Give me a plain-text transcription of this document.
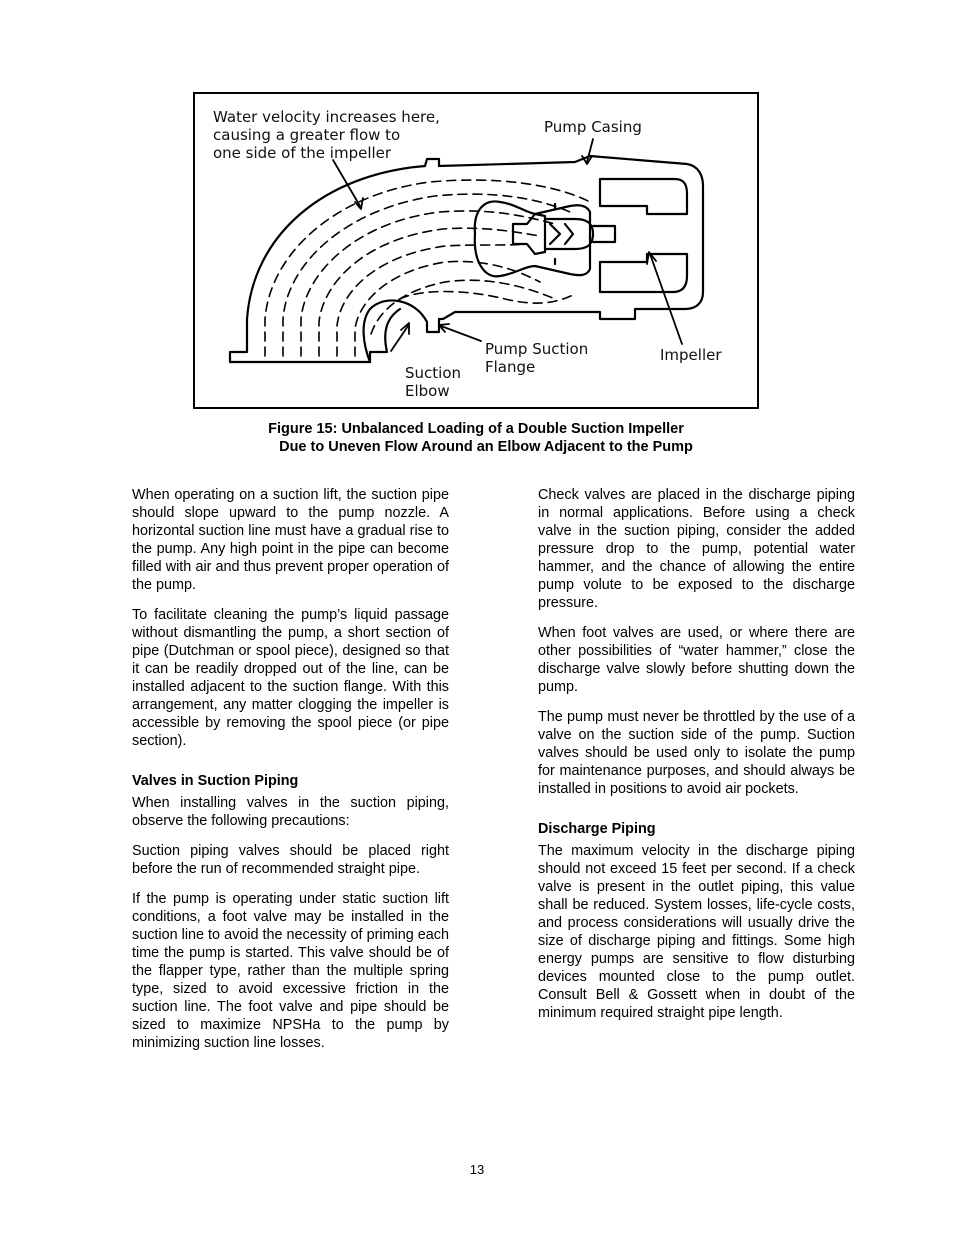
Water velocity increases here,
causing a greater flow to
one side of the impeller
Pump Casing
Pump Suction
Flange
Suction
Elbow
Impeller
Figure 15: Unbalanced Loading of a Double Suction Impeller
Due to Uneven Flow Around an Elbow Adjacent to the Pump

When operating on a suction lift, the suction pipe should slope upward to the pump nozzle. A horizontal suction line must have a gradual rise to the pump. Any high point in the pipe can become filled with air and thus prevent proper operation of the pump.

To facilitate cleaning the pump’s liquid passage without dismantling the pump, a short section of pipe (Dutchman or spool piece), designed so that it can be readily dropped out of the line, can be installed adjacent to the suction flange. With this arrangement, any matter clogging the impeller is accessible by removing the spool piece (or pipe section).

Valves in Suction Piping

When installing valves in the suction piping, observe the following precautions:

Suction piping valves should be placed right before the run of recommended straight pipe.

If the pump is operating under static suction lift conditions, a foot valve may be installed in the suction line to avoid the necessity of priming each time the pump is started. This valve should be of the flapper type, rather than the multiple spring type, sized to avoid excessive friction in the suction line. The foot valve and pipe should be sized to maximize NPSHa to the pump by minimizing suction line losses.

Check valves are placed in the discharge piping in normal applications. Before using a check valve in the suction piping, consider the added pressure drop to the pump, potential water hammer, and the chance of allowing the entire pump volute to be exposed to the discharge pressure.

When foot valves are used, or where there are other possibilities of “water hammer,” close the discharge valve slowly before shutting down the pump.

The pump must never be throttled by the use of a valve on the suction side of the pump. Suction valves should be used only to isolate the pump for maintenance purposes, and should always be installed in positions to avoid air pockets.

Discharge Piping

The maximum velocity in the discharge piping should not exceed 15 feet per second. If a check valve is present in the outlet piping, this value shall be reduced. System losses, life-cycle costs, and process considerations will usually drive the size of discharge piping and fittings. Some high energy pumps are sensitive to flow disturbing devices mounted close to the pump outlet. Consult Bell & Gossett when in doubt of the minimum required straight pipe length.

13
